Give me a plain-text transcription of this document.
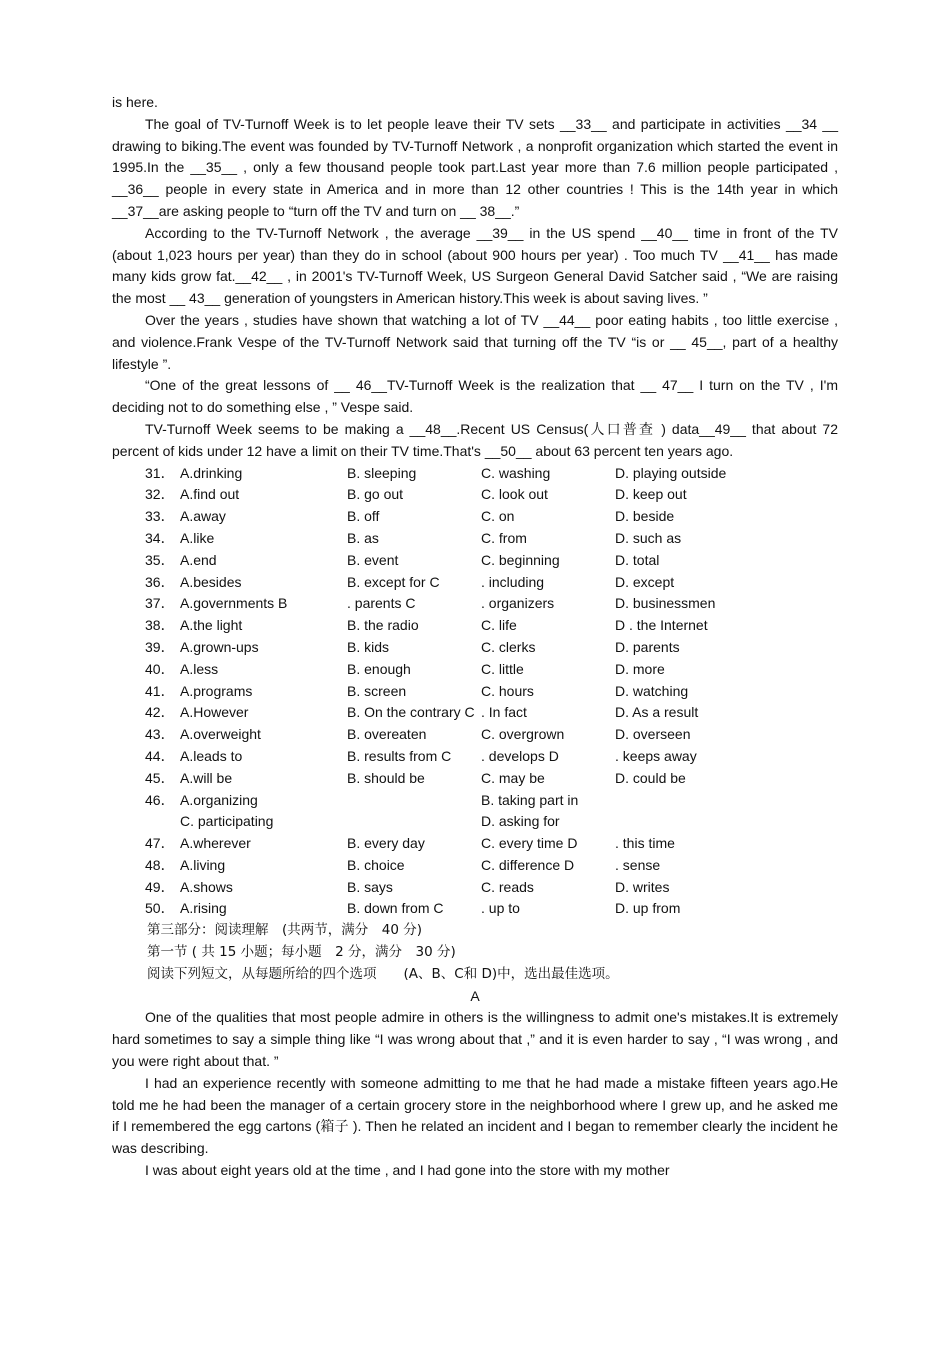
is here.

The goal of TV-Turnoff Week is to let people leave their TV sets __33__ and participate in activities __34 __ drawing to biking.The event was founded by TV-Turnoff Network , a nonprofit organization which started the event in 1995.In the __35__ , only a few thousand people took part.Last year more than 7.6 million people participated , __36__ people in every state in America and in more than 12 other countries ! This is the 14th year in which __37__are asking people to “turn off the TV and turn on __ 38__.”

According to the TV-Turnoff Network , the average __39__ in the US spend __40__ time in front of the TV (about 1,023 hours per year) than they do in school (about 900 hours per year) . Too much TV __41__ has made many kids grow fat.__42__ , in 2001's TV-Turnoff Week, US Surgeon General David Satcher said , “We are raising the most __ 43__ generation of youngsters in American history.This week is about saving lives. ”

Over the years , studies have shown that watching a lot of TV __44__ poor eating habits , too little exercise , and violence.Frank Vespe of the TV-Turnoff Network said that turning off the TV “is or __ 45__, part of a healthy lifestyle ”.

“One of the great lessons of __ 46__TV-Turnoff Week is the realization that __ 47__ I turn on the TV , I'm deciding not to do something else , ” Vespe said.

TV-Turnoff Week seems to be making a __48__.Recent US Census(人口普查 ) data__49__ that about 72 percent of kids under 12 have a limit on their TV time.That's __50__ about 63 percent ten years ago.

31． A.drinking	B. sleeping	C. washing	D. playing outside
32． A.find out	B. go out	C. look out	D. keep out
33． A.away	B. off	C. on	D. beside
34． A.like	B. as	C. from	D. such as
35． A.end	B. event	C. beginning	D. total
36． A.besides	B. except for C	. including	D. except
37． A.governments B	. parents C	. organizers	D. businessmen
38． A.the light	B. the radio	C. life	D . the Internet
39． A.grown-ups	B. kids	C. clerks	D. parents
40． A.less	B. enough	C. little	D. more
41． A.programs	B. screen	C. hours	D. watching
42． A.However	B. On the contrary C . In fact	D. As a result
43． A.overweight	B. overeaten	C. overgrown	D. overseen
44． A.leads to	B. results from C	. develops D	. keeps away
45． A.will be	B. should be	C. may be	D. could be
46． A.organizing	B. taking part in
C. participating	D. asking for
47． A.wherever	B. every day	C. every time D	. this time
48． A.living	B. choice	C. difference D	. sense
49． A.shows	B. says	C. reads	D. writes
50． A.rising	B. down from C	. up to	D. up from
第三部分：阅读理解　(共两节，满分　40 分)
第一节 ( 共 15 小题；每小题　2 分，满分　30 分)
阅读下列短文，从每题所给的四个选项　　(A、B、C和 D)中，选出最佳选项。
A

One of the qualities that most people admire in others is the willingness to admit one's mistakes.It is extremely hard sometimes to say a simple thing like “I was wrong about that ,” and it is even harder to say , “I was wrong , and you were right about that. ”

I had an experience recently with someone admitting to me that he had made a mistake fifteen years ago.He told me he had been the manager of a certain grocery store in the neighborhood where I grew up, and he asked me if I remembered the egg cartons (箱子 ). Then he related an incident and I began to remember clearly the incident he was describing.

I was about eight years old at the time , and I had gone into the store with my mother
